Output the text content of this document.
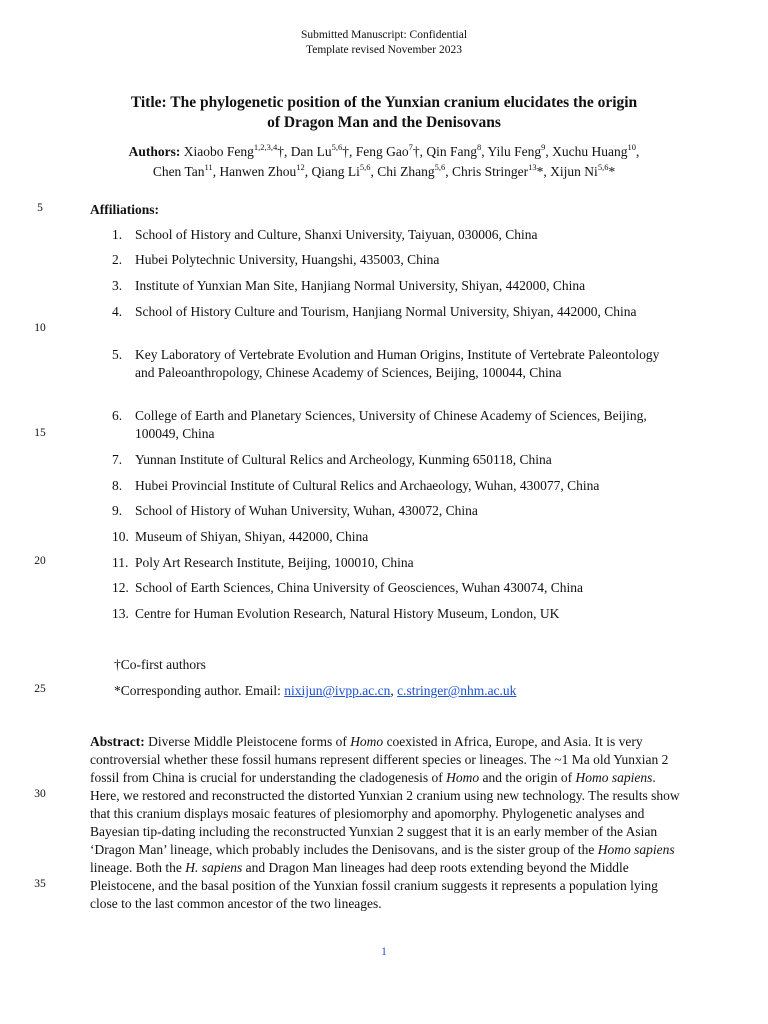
Submitted Manuscript: Confidential
Template revised November 2023
Title: The phylogenetic position of the Yunxian cranium elucidates the origin
of Dragon Man and the Denisovans
Authors: Xiaobo Feng$^{1,2,3,4}$†, Dan Lu$^{5,6}$†, Feng Gao$^7$†, Qin Fang$^8$, Yilu Feng$^9$, Xuchu Huang$^{10}$,
Chen Tan$^{11}$, Hanwen Zhou$^{12}$, Qiang Li$^{5,6}$, Chi Zhang$^{5,6}$, Chris Stringer$^{13}$*, Xijun Ni$^{5,6}$*
5
10
15
20
25
30
35
Affiliations:
1. School of History and Culture, Shanxi University, Taiyuan, 030006, China
2. Hubei Polytechnic University, Huangshi, 435003, China
3. Institute of Yunxian Man Site, Hanjiang Normal University, Shiyan, 442000, China
4. School of History Culture and Tourism, Hanjiang Normal University, Shiyan, 442000, China
5. Key Laboratory of Vertebrate Evolution and Human Origins, Institute of Vertebrate Paleontology and Paleoanthropology, Chinese Academy of Sciences, Beijing, 100044, China
6. College of Earth and Planetary Sciences, University of Chinese Academy of Sciences, Beijing, 100049, China
7. Yunnan Institute of Cultural Relics and Archeology, Kunming 650118, China
8. Hubei Provincial Institute of Cultural Relics and Archaeology, Wuhan, 430077, China
9. School of History of Wuhan University, Wuhan, 430072, China
10. Museum of Shiyan, Shiyan, 442000, China
11. Poly Art Research Institute, Beijing, 100010, China
12. School of Earth Sciences, China University of Geosciences, Wuhan 430074, China
13. Centre for Human Evolution Research, Natural History Museum, London, UK
†Co-first authors
*Corresponding author. Email: nixijun@ivpp.ac.cn, c.stringer@nhm.ac.uk
Abstract: Diverse Middle Pleistocene forms of Homo coexisted in Africa, Europe, and Asia. It is very controversial whether these fossil humans represent different species or lineages. The ~1 Ma old Yunxian 2 fossil from China is crucial for understanding the cladogenesis of Homo and the origin of Homo sapiens. Here, we restored and reconstructed the distorted Yunxian 2 cranium using new technology. The results show that this cranium displays mosaic features of plesiomorphy and apomorphy. Phylogenetic analyses and Bayesian tip-dating including the reconstructed Yunxian 2 suggest that it is an early member of the Asian ‘Dragon Man’ lineage, which probably includes the Denisovans, and is the sister group of the Homo sapiens lineage. Both the H. sapiens and Dragon Man lineages had deep roots extending beyond the Middle Pleistocene, and the basal position of the Yunxian fossil cranium suggests it represents a population lying close to the last common ancestor of the two lineages.
1
